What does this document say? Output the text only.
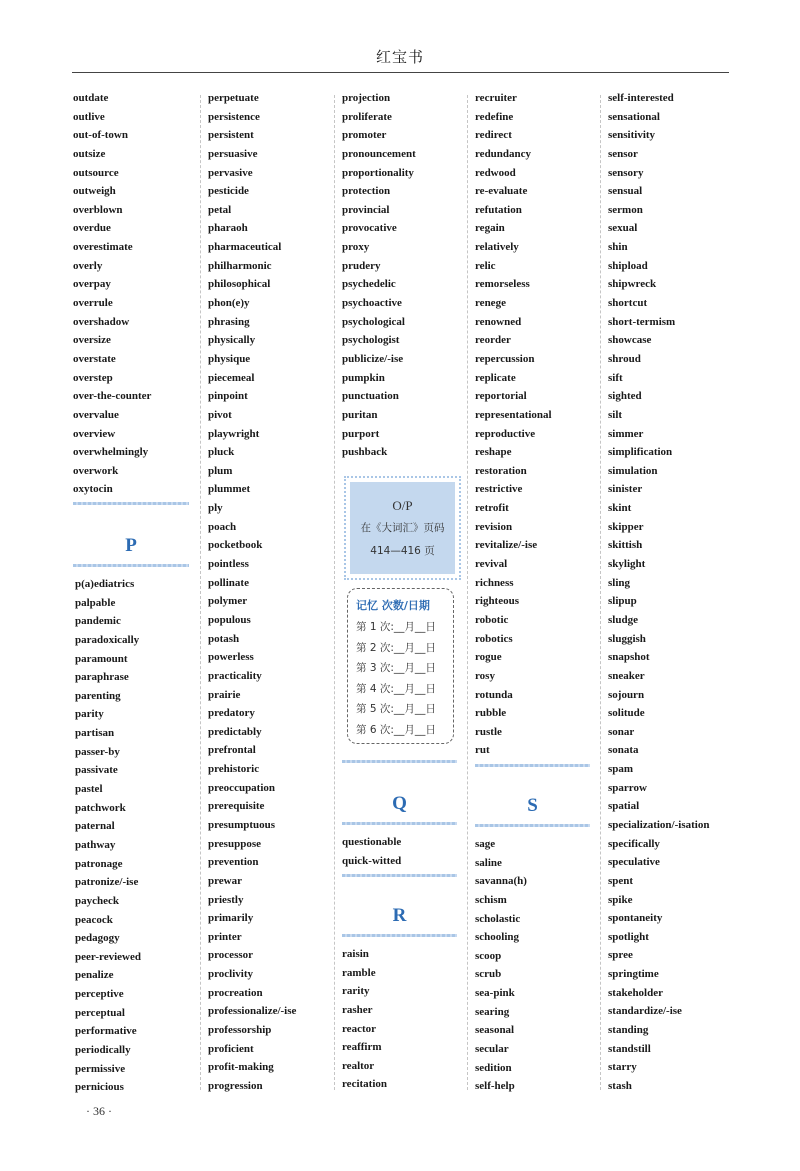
红宝书
outdate
outlive
out-of-town
outsize
outsource
outweigh
overblown
overdue
overestimate
overly
overpay
overrule
overshadow
oversize
overstate
overstep
over-the-counter
overvalue
overview
overwhelmingly
overwork
oxytocin
P
p(a)ediatrics
palpable
pandemic
paradoxically
paramount
paraphrase
parenting
parity
partisan
passer-by
passivate
pastel
patchwork
paternal
pathway
patronage
patronize/-ise
paycheck
peacock
pedagogy
peer-reviewed
penalize
perceptive
perceptual
performative
periodically
permissive
pernicious
perpetuate
persistence
persistent
persuasive
pervasive
pesticide
petal
pharaoh
pharmaceutical
philharmonic
philosophical
phon(e)y
phrasing
physically
physique
piecemeal
pinpoint
pivot
playwright
pluck
plum
plummet
ply
poach
pocketbook
pointless
pollinate
polymer
populous
potash
powerless
practicality
prairie
predatory
predictably
prefrontal
prehistoric
preoccupation
prerequisite
presumptuous
presuppose
prevention
prewar
priestly
primarily
printer
processor
proclivity
procreation
professionalize/-ise
professorship
proficient
profit-making
progression
projection
proliferate
promoter
pronouncement
proportionality
protection
provincial
provocative
proxy
prudery
psychedelic
psychoactive
psychological
psychologist
publicize/-ise
pumpkin
punctuation
puritan
purport
pushback
O/P
在《大词汇》页码
414—416 页
记忆 次数/日期
第 1 次:__月__日
第 2 次:__月__日
第 3 次:__月__日
第 4 次:__月__日
第 5 次:__月__日
第 6 次:__月__日
Q
questionable
quick-witted
R
raisin
ramble
rarity
rasher
reactor
reaffirm
realtor
recitation
recruiter
redefine
redirect
redundancy
redwood
re-evaluate
refutation
regain
relatively
relic
remorseless
renege
renowned
reorder
repercussion
replicate
reportorial
representational
reproductive
reshape
restoration
restrictive
retrofit
revision
revitalize/-ise
revival
richness
righteous
robotic
robotics
rogue
rosy
rotunda
rubble
rustle
rut
S
sage
saline
savanna(h)
schism
scholastic
schooling
scoop
scrub
sea-pink
searing
seasonal
secular
sedition
self-help
self-interested
sensational
sensitivity
sensor
sensory
sensual
sermon
sexual
shin
shipload
shipwreck
shortcut
short-termism
showcase
shroud
sift
sighted
silt
simmer
simplification
simulation
sinister
skint
skipper
skittish
skylight
sling
slipup
sludge
sluggish
snapshot
sneaker
sojourn
solitude
sonar
sonata
spam
sparrow
spatial
specialization/-isation
specifically
speculative
spent
spike
spontaneity
spotlight
spree
springtime
stakeholder
standardize/-ise
standing
standstill
starry
stash
· 36 ·
